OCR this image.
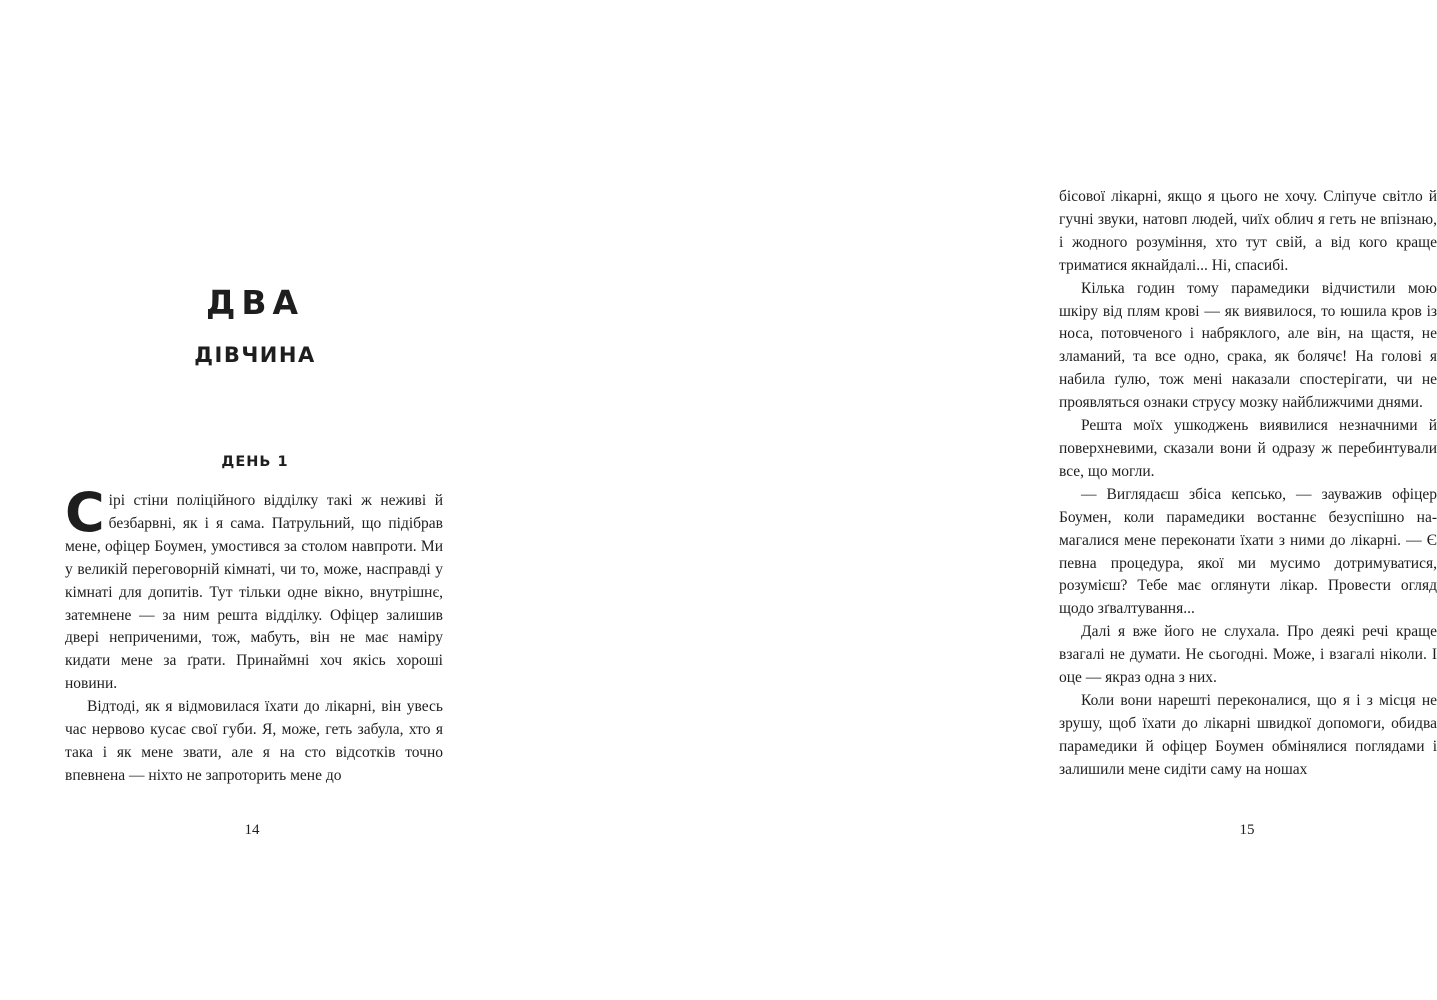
ДВА
ДІВЧИНА
ДЕНЬ 1

Сірі стіни поліційного відділку такі ж неживі й безбарвні, як і я сама. Патрульний, що підібрав мене, офіцер Боумен, умостився за столом навпроти. Ми у великій переговорній кімнаті, чи то, може, насправді у кімнаті для допитів. Тут тільки одне вікно, внутрішнє, затемнене — за ним решта відділку. Офіцер залишив двері неприченими, тож, мабуть, він не має наміру кидати мене за ґрати. Принаймні хоч якісь хороші новини.

Відтоді, як я відмовилася їхати до лікарні, він увесь час нервово кусає свої губи. Я, може, геть забула, хто я така і як мене звати, але я на сто відсотків точно впевнена — ніхто не запроторить мене до

14

бісової лікарні, якщо я цього не хочу. Сліпуче світло й гучні звуки, натовп людей, чиїх облич я геть не впізнаю, і жодного розуміння, хто тут свій, а від кого краще триматися якнайдалі... Ні, спасибі.

Кілька годин тому парамедики відчистили мою шкіру від плям крові — як виявилося, то юшила кров із носа, потовченого і набряклого, але він, на щастя, не зламаний, та все одно, срака, як болячє! На голові я набила ґулю, тож мені наказали спостерігати, чи не проявляться ознаки струсу мозку найближчими днями.

Решта моїх ушкоджень виявилися незначними й поверхневими, сказали вони й одразу ж перебинтували все, що могли.

— Виглядаєш збіса кепсько, — зауважив офіцер Боумен, коли парамедики востаннє безуспішно намагалися мене переконати їхати з ними до лікарні. — Є певна процедура, якої ми мусимо дотримуватися, розумієш? Тебе має оглянути лікар. Провести огляд щодо зґвалтування...

Далі я вже його не слухала. Про деякі речі краще взагалі не думати. Не сьогодні. Може, і взагалі ніколи. І оце — якраз одна з них.

Коли вони нарешті переконалися, що я і з місця не зрушу, щоб їхати до лікарні швидкої допомоги, обидва парамедики й офіцер Боумен обмінялися поглядами і залишили мене сидіти саму на ношах

15
